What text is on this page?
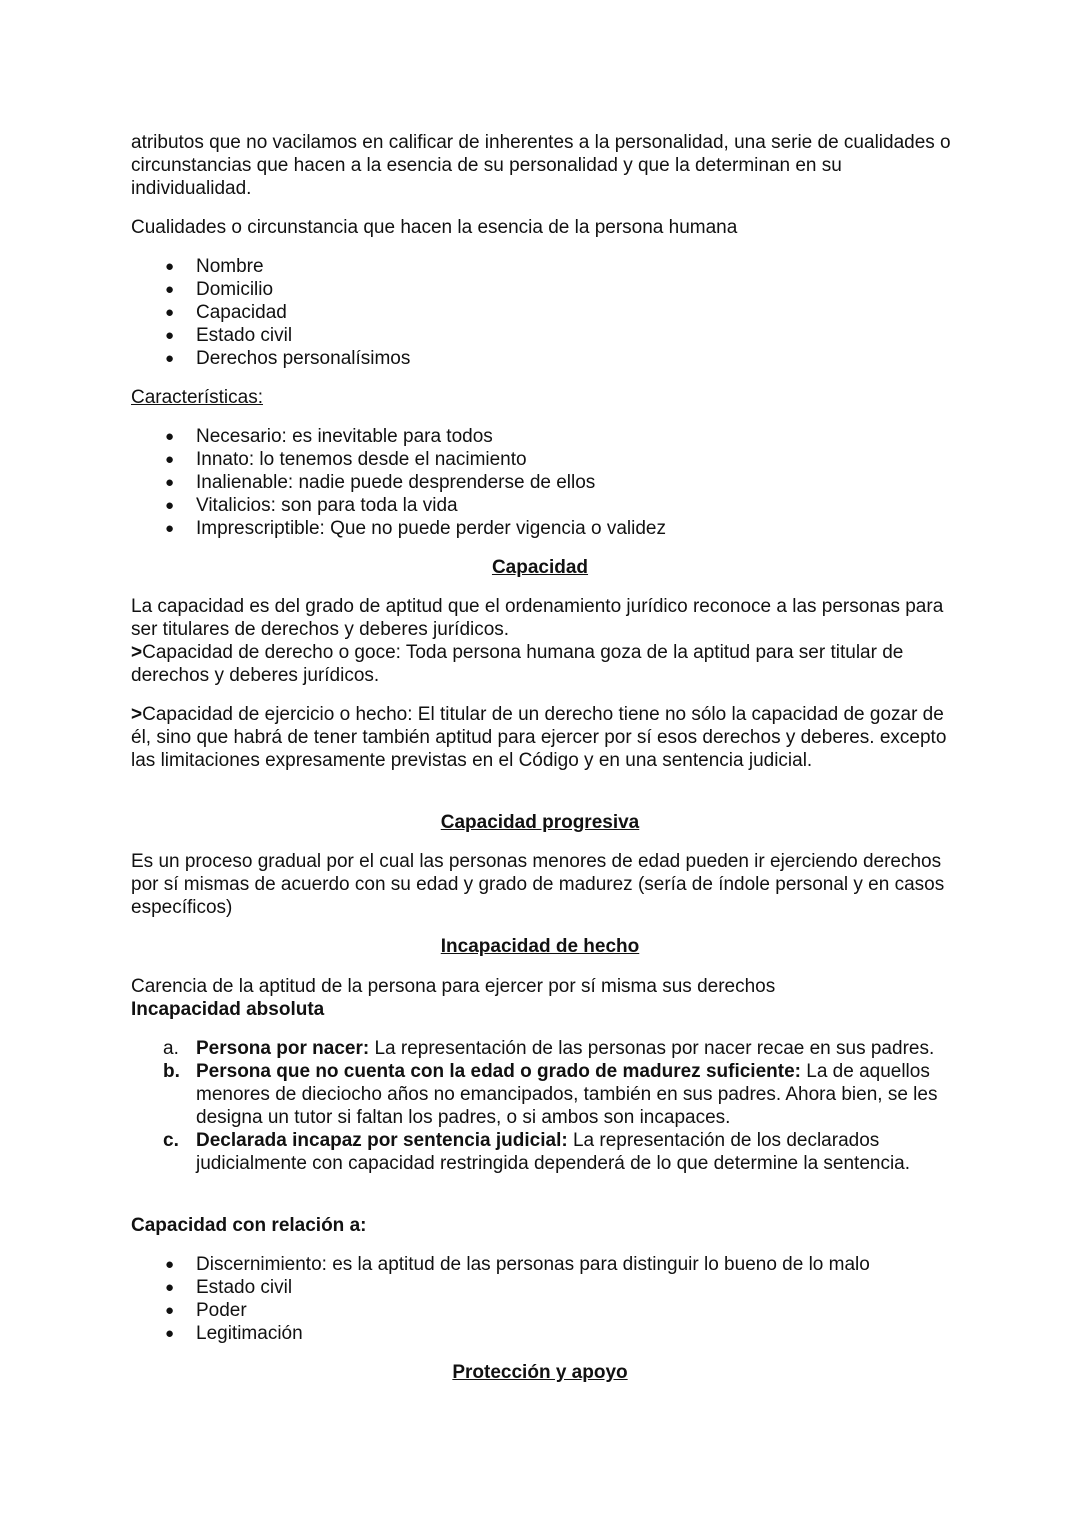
atributos que no vacilamos en calificar de inherentes a la personalidad, una serie de cualidades o circunstancias que hacen a la esencia de su personalidad y que la determinan en su individualidad.
Cualidades o circunstancia que hacen la esencia de la persona humana
● Nombre
● Domicilio
● Capacidad
● Estado civil
● Derechos personalísimos
Características:
● Necesario: es inevitable para todos
● Innato: lo tenemos desde el nacimiento
● Inalienable: nadie puede desprenderse de ellos
● Vitalicios: son para toda la vida
● Imprescriptible: Que no puede perder vigencia o validez
Capacidad
La capacidad es del grado de aptitud que el ordenamiento jurídico reconoce a las personas para ser titulares de derechos y deberes jurídicos.
>Capacidad de derecho o goce: Toda persona humana goza de la aptitud para ser titular de derechos y deberes jurídicos.
>Capacidad de ejercicio o hecho: El titular de un derecho tiene no sólo la capacidad de gozar de él, sino que habrá de tener también aptitud para ejercer por sí esos derechos y deberes. excepto las limitaciones expresamente previstas en el Código y en una sentencia judicial.
Capacidad progresiva
Es un proceso gradual por el cual las personas menores de edad pueden ir ejerciendo derechos por sí mismas de acuerdo con su edad y grado de madurez (sería de índole personal y en casos específicos)
Incapacidad de hecho
Carencia de la aptitud de la persona para ejercer por sí misma sus derechos
Incapacidad absoluta
a. Persona por nacer: La representación de las personas por nacer recae en sus padres.
b. Persona que no cuenta con la edad o grado de madurez suficiente: La de aquellos menores de dieciocho años no emancipados, también en sus padres. Ahora bien, se les designa un tutor si faltan los padres, o si ambos son incapaces.
c. Declarada incapaz por sentencia judicial: La representación de los declarados judicialmente con capacidad restringida dependerá de lo que determine la sentencia.
Capacidad con relación a:
● Discernimiento: es la aptitud de las personas para distinguir lo bueno de lo malo
● Estado civil
● Poder
● Legitimación
Protección y apoyo
